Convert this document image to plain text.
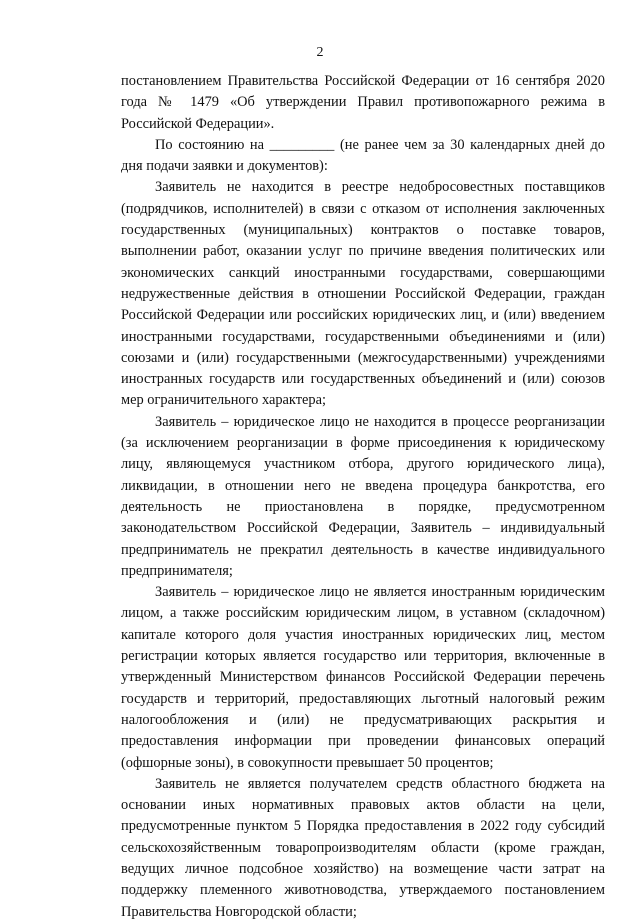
2

постановлением Правительства Российской Федерации от 16 сентября 2020 года № 1479 «Об утверждении Правил противопожарного режима в Российской Федерации».

По состоянию на _________ (не ранее чем за 30 календарных дней до дня подачи заявки и документов):

Заявитель не находится в реестре недобросовестных поставщиков (подрядчиков, исполнителей) в связи с отказом от исполнения заключенных государственных (муниципальных) контрактов о поставке товаров, выполнении работ, оказании услуг по причине введения политических или экономических санкций иностранными государствами, совершающими недружественные действия в отношении Российской Федерации, граждан Российской Федерации или российских юридических лиц, и (или) введением иностранными государствами, государственными объединениями и (или) союзами и (или) государственными (межгосударственными) учреждениями иностранных государств или государственных объединений и (или) союзов мер ограничительного характера;

Заявитель – юридическое лицо не находится в процессе реорганизации (за исключением реорганизации в форме присоединения к юридическому лицу, являющемуся участником отбора, другого юридического лица), ликвидации, в отношении него не введена процедура банкротства, его деятельность не приостановлена в порядке, предусмотренном законодательством Российской Федерации, Заявитель – индивидуальный предприниматель не прекратил деятельность в качестве индивидуального предпринимателя;

Заявитель – юридическое лицо не является иностранным юридическим лицом, а также российским юридическим лицом, в уставном (складочном) капитале которого доля участия иностранных юридических лиц, местом регистрации которых является государство или территория, включенные в утвержденный Министерством финансов Российской Федерации перечень государств и территорий, предоставляющих льготный налоговый режим налогообложения и (или) не предусматривающих раскрытия и предоставления информации при проведении финансовых операций (офшорные зоны), в совокупности превышает 50 процентов;

Заявитель не является получателем средств областного бюджета на основании иных нормативных правовых актов области на цели, предусмотренные пунктом 5 Порядка предоставления в 2022 году субсидий сельскохозяйственным товаропроизводителям области (кроме граждан, ведущих личное подсобное хозяйство) на возмещение части затрат на поддержку племенного животноводства, утверждаемого постановлением Правительства Новгородской области;
